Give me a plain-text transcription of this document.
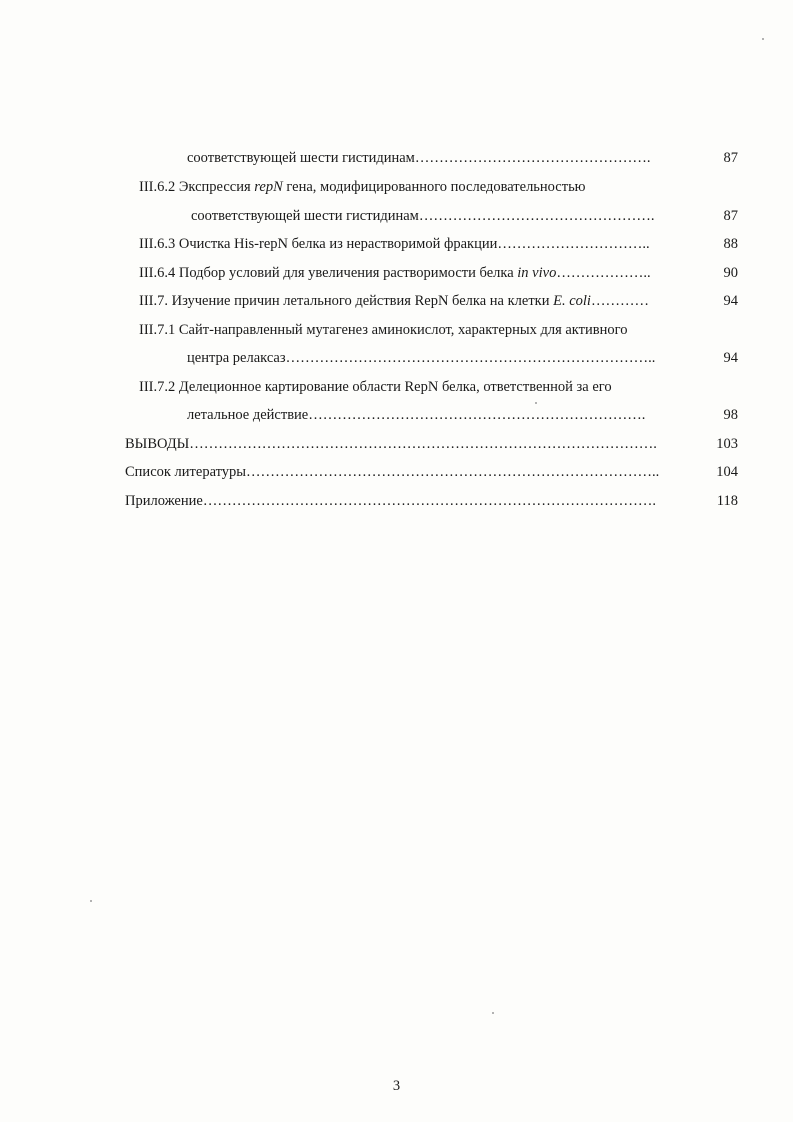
соответствующей шести гистидинам………………………………………….	87
III.6.2 Экспрессия repN гена, модифицированного последовательностью
соответствующей шести гистидинам………………………………………….	87
III.6.3 Очистка His-repN белка из нерастворимой фракции…………………………..	88
III.6.4 Подбор условий для увеличения растворимости белка in vivo………………..	90
III.7. Изучение причин летального действия RepN белка на клетки E. coli…………	94
III.7.1 Сайт-направленный мутагенез аминокислот, характерных для активного
центра релаксаз…………………………………………………………………..	94
III.7.2 Делеционное картирование области RepN белка, ответственной за его
летальное действие…………………………………………………………….	98
ВЫВОДЫ…………………………………………………………………………………….	103
Список литературы…………………………………………………………………………..	104
Приложение………………………………………………………………………………….	118
3
